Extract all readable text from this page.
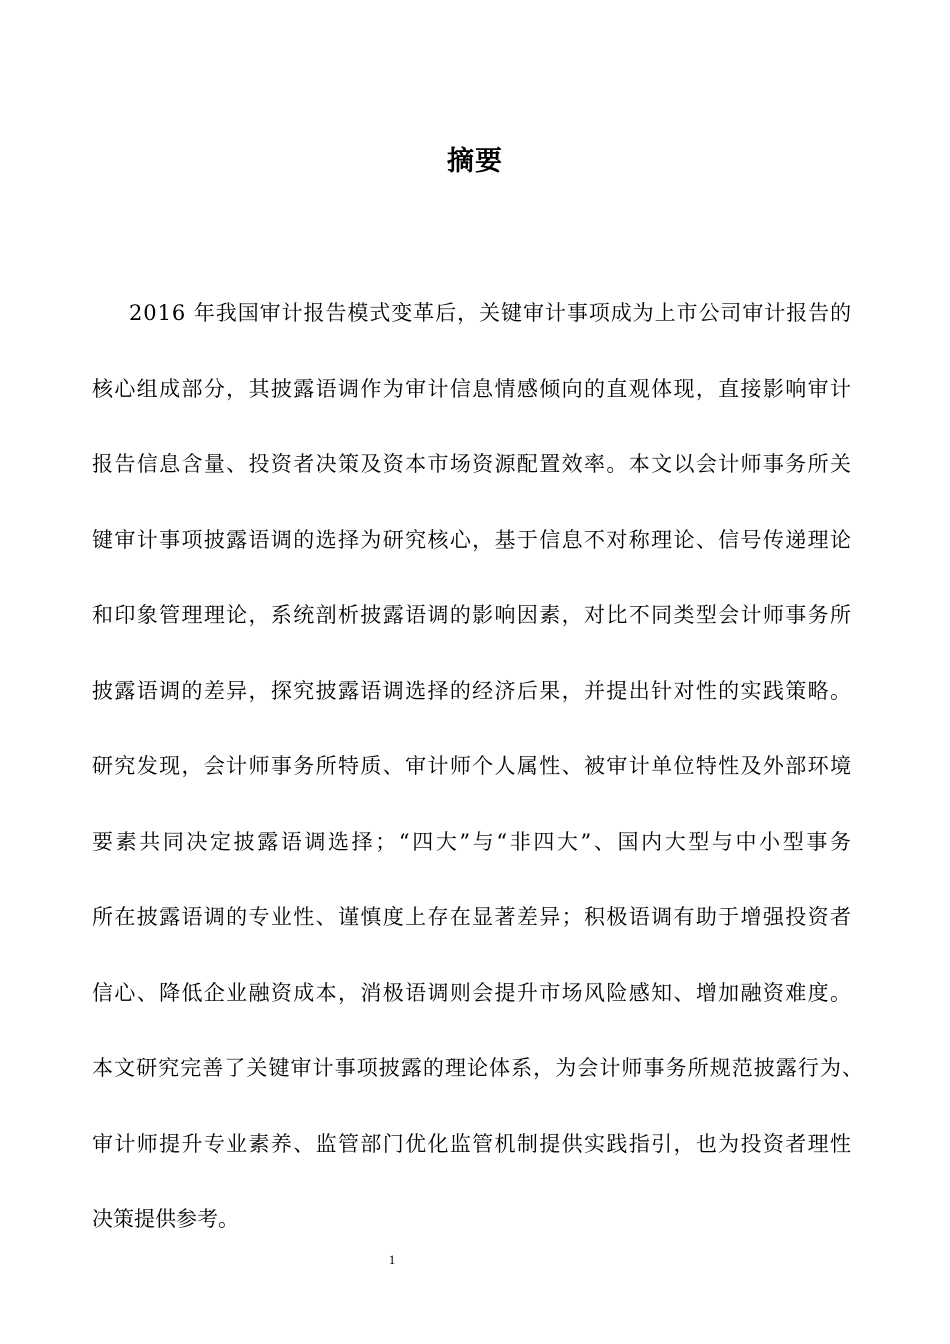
摘要
2016 年我国审计报告模式变革后，关键审计事项成为上市公司审计报告的
核心组成部分，其披露语调作为审计信息情感倾向的直观体现，直接影响审计
报告信息含量、投资者决策及资本市场资源配置效率。本文以会计师事务所关
键审计事项披露语调的选择为研究核心，基于信息不对称理论、信号传递理论
和印象管理理论，系统剖析披露语调的影响因素，对比不同类型会计师事务所
披露语调的差异，探究披露语调选择的经济后果，并提出针对性的实践策略。
研究发现，会计师事务所特质、审计师个人属性、被审计单位特性及外部环境
要素共同决定披露语调选择；“四大”与“非四大”、国内大型与中小型事务
所在披露语调的专业性、谨慎度上存在显著差异；积极语调有助于增强投资者
信心、降低企业融资成本，消极语调则会提升市场风险感知、增加融资难度。
本文研究完善了关键审计事项披露的理论体系，为会计师事务所规范披露行为、
审计师提升专业素养、监管部门优化监管机制提供实践指引，也为投资者理性
决策提供参考。
1
